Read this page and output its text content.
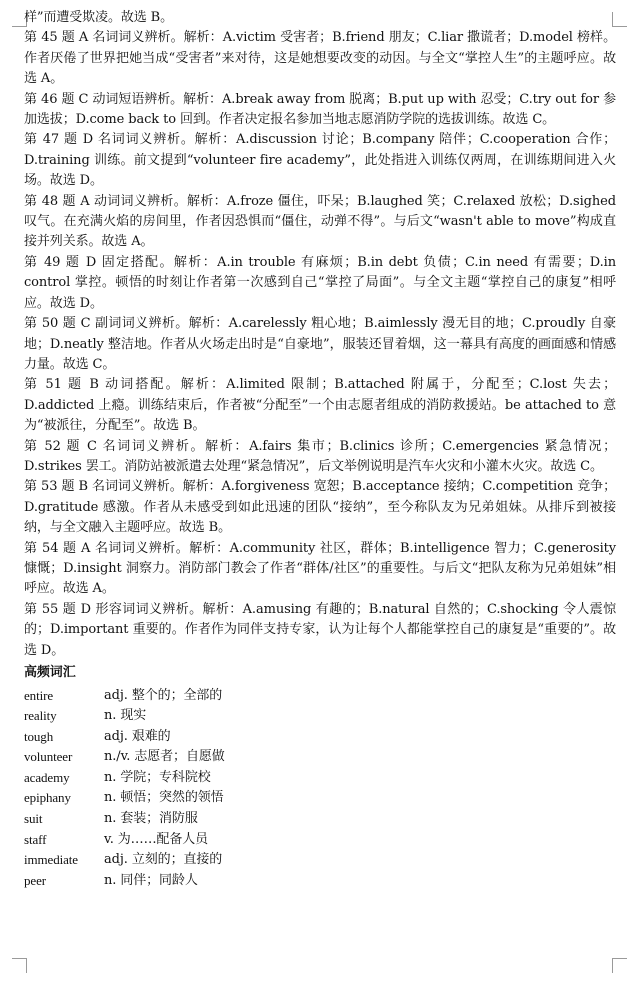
样”而遭受欺凌。故选 B。

第 45 题 A 名词词义辨析。解析：A.victim 受害者；B.friend 朋友；C.liar 撒谎者；D.model 榜样。作者厌倦了世界把她当成“受害者”来对待，这是她想要改变的动因。与全文“掌控人生”的主题呼应。故选 A。

第 46 题 C 动词短语辨析。解析：A.break away from 脱离；B.put up with 忍受；C.try out for 参加选拔；D.come back to 回到。作者决定报名参加当地志愿消防学院的选拔训练。故选 C。

第 47 题 D 名词词义辨析。解析：A.discussion 讨论；B.company 陪伴；C.cooperation 合作；D.training 训练。前文提到“volunteer fire academy”，此处指进入训练仅两周，在训练期间进入火场。故选 D。

第 48 题 A 动词词义辨析。解析：A.froze 僵住，吓呆；B.laughed 笑；C.relaxed 放松；D.sighed 叹气。在充满火焰的房间里，作者因恐惧而“僵住，动弹不得”。与后文“wasn't able to move”构成直接并列关系。故选 A。

第 49 题 D 固定搭配。解析：A.in trouble 有麻烦；B.in debt 负债；C.in need 有需要；D.in control 掌控。顿悟的时刻让作者第一次感到自己“掌控了局面”。与全文主题“掌控自己的康复”相呼应。故选 D。

第 50 题 C 副词词义辨析。解析：A.carelessly 粗心地；B.aimlessly 漫无目的地；C.proudly 自豪地；D.neatly 整洁地。作者从火场走出时是“自豪地”，服装还冒着烟，这一幕具有高度的画面感和情感力量。故选 C。

第 51 题 B 动词搭配。解析：A.limited 限制；B.attached 附属于，分配至；C.lost 失去；D.addicted 上瘾。训练结束后，作者被“分配至”一个由志愿者组成的消防救援站。be attached to 意为“被派往，分配至”。故选 B。

第 52 题 C 名词词义辨析。解析：A.fairs 集市；B.clinics 诊所；C.emergencies 紧急情况；D.strikes 罢工。消防站被派遣去处理“紧急情况”，后文举例说明是汽车火灾和小灌木火灾。故选 C。

第 53 题 B 名词词义辨析。解析：A.forgiveness 宽恕；B.acceptance 接纳；C.competition 竞争；D.gratitude 感激。作者从未感受到如此迅速的团队“接纳”，至今称队友为兄弟姐妹。从排斥到被接纳，与全文融入主题呼应。故选 B。

第 54 题 A 名词词义辨析。解析：A.community 社区，群体；B.intelligence 智力；C.generosity 慷慨；D.insight 洞察力。消防部门教会了作者“群体/社区”的重要性。与后文“把队友称为兄弟姐妹”相呼应。故选 A。

第 55 题 D 形容词词义辨析。解析：A.amusing 有趣的；B.natural 自然的；C.shocking 令人震惊的；D.important 重要的。作者作为同伴支持专家，认为让每个人都能掌控自己的康复是“重要的”。故选 D。

高频词汇
entire	adj. 整个的；全部的
reality	n. 现实
tough	adj. 艰难的
volunteer	n./v. 志愿者；自愿做
academy	n. 学院；专科院校
epiphany	n. 顿悟；突然的领悟
suit	n. 套装；消防服
staff	v. 为……配备人员
immediate	adj. 立刻的；直接的
peer	n. 同伴；同龄人
